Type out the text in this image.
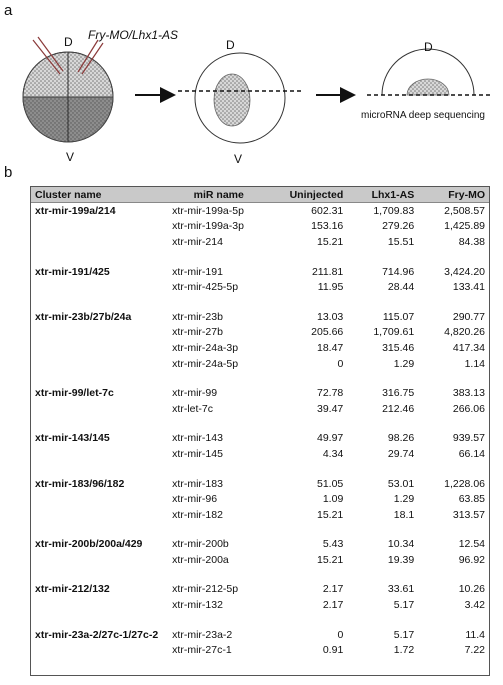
a
Fry-MO/Lhx1-AS
D
V
D
V
D
microRNA deep sequencing
b
Cluster name	miR name	Uninjected	Lhx1-AS	Fry-MO
xtr-mir-199a/214	xtr-mir-199a-5p	602.31	1,709.83	2,508.57
	xtr-mir-199a-3p	153.16	279.26	1,425.89
	xtr-mir-214	15.21	15.51	84.38

xtr-mir-191/425	xtr-mir-191	211.81	714.96	3,424.20
	xtr-mir-425-5p	11.95	28.44	133.41

xtr-mir-23b/27b/24a	xtr-mir-23b	13.03	115.07	290.77
	xtr-mir-27b	205.66	1,709.61	4,820.26
	xtr-mir-24a-3p	18.47	315.46	417.34
	xtr-mir-24a-5p	0	1.29	1.14

xtr-mir-99/let-7c	xtr-mir-99	72.78	316.75	383.13
	xtr-let-7c	39.47	212.46	266.06

xtr-mir-143/145	xtr-mir-143	49.97	98.26	939.57
	xtr-mir-145	4.34	29.74	66.14

xtr-mir-183/96/182	xtr-mir-183	51.05	53.01	1,228.06
	xtr-mir-96	1.09	1.29	63.85
	xtr-mir-182	15.21	18.1	313.57

xtr-mir-200b/200a/429	xtr-mir-200b	5.43	10.34	12.54
	xtr-mir-200a	15.21	19.39	96.92

xtr-mir-212/132	xtr-mir-212-5p	2.17	33.61	10.26
	xtr-mir-132	2.17	5.17	3.42

xtr-mir-23a-2/27c-1/27c-2	xtr-mir-23a-2	0	5.17	11.4
	xtr-mir-27c-1	0.91	1.72	7.22
